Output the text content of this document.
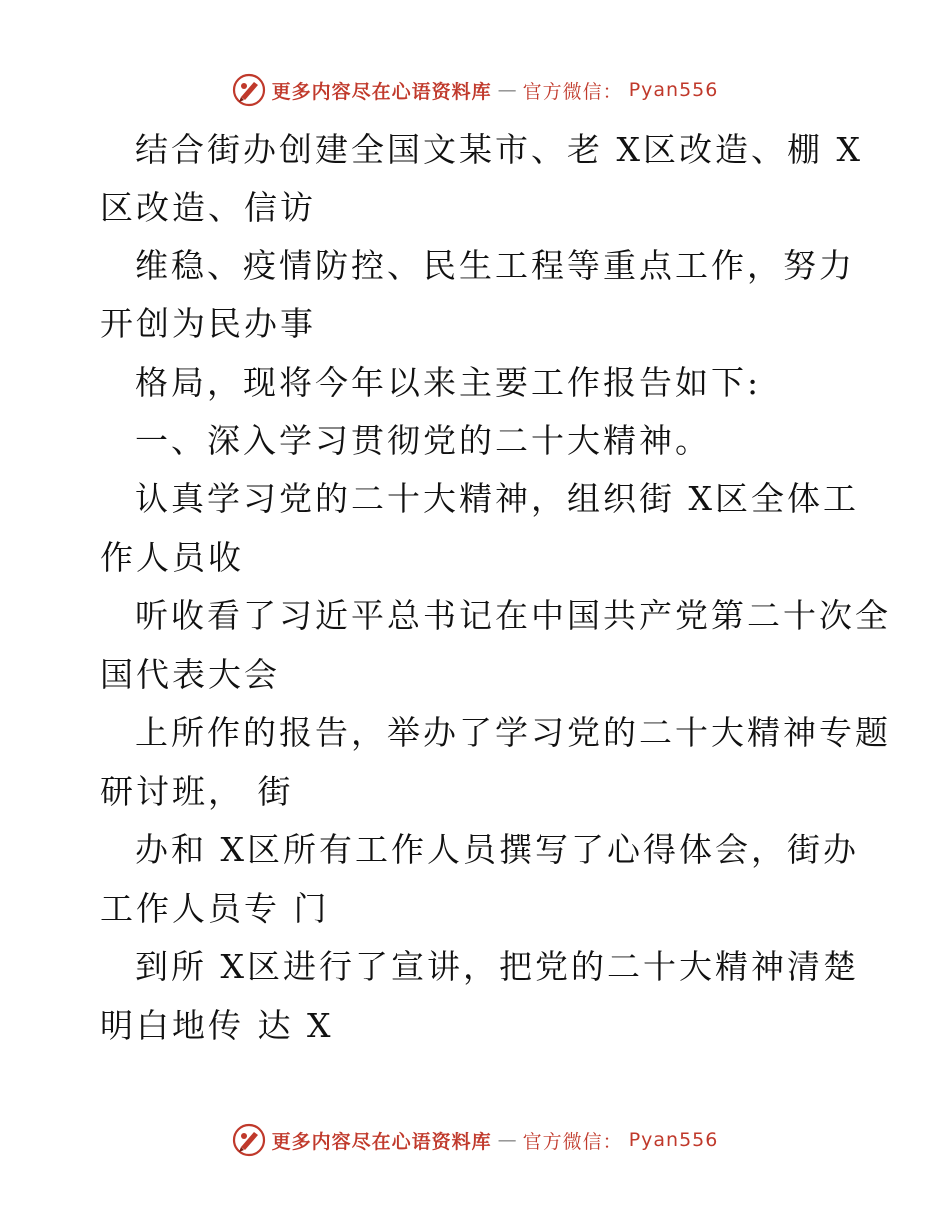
更多内容尽在心语资料库 — 官方微信： Pyan556
结合街办创建全国文某市、老 X区改造、棚 X
区改造、信访
维稳、疫情防控、民生工程等重点工作，努力
开创为民办事
格局，现将今年以来主要工作报告如下:
一、深入学习贯彻党的二十大精神。
认真学习党的二十大精神，组织街 X区全体工
作人员收
听收看了习近平总书记在中国共产党第二十次全
国代表大会
上所作的报告，举办了学习党的二十大精神专题
研讨班， 街
办和 X区所有工作人员撰写了心得体会，街办
工作人员专 门
到所 X区进行了宣讲，把党的二十大精神清楚
明白地传 达 X
更多内容尽在心语资料库 — 官方微信： Pyan556
